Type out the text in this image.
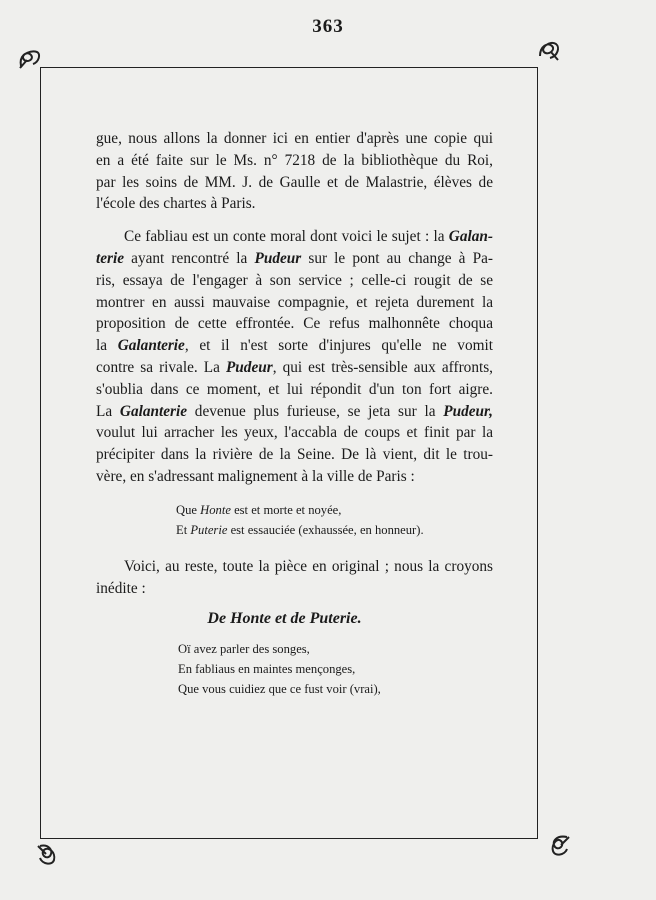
363
gue, nous allons la donner ici en entier d'après une copie qui
en a été faite sur le Ms. n° 7218 de la bibliothèque du Roi,
par les soins de MM. J. de Gaulle et de Malastrie, élèves de
l'école des chartes à Paris.
Ce fabliau est un conte moral dont voici le sujet : la Galan-
terie ayant rencontré la Pudeur sur le pont au change à Pa-
ris, essaya de l'engager à son service ; celle-ci rougit de se
montrer en aussi mauvaise compagnie, et rejeta durement la
proposition de cette effrontée. Ce refus malhonnête choqua
la Galanterie, et il n'est sorte d'injures qu'elle ne vomit
contre sa rivale. La Pudeur, qui est très-sensible aux affronts,
s'oublia dans ce moment, et lui répondit d'un ton fort aigre.
La Galanterie devenue plus furieuse, se jeta sur la Pudeur,
voulut lui arracher les yeux, l'accabla de coups et finit par la
précipiter dans la rivière de la Seine. De là vient, dit le trou-
vère, en s'adressant malignement à la ville de Paris :
Que Honte est et morte et noyée,
Et Puterie est essauciée (exhaussée, en honneur).
Voici, au reste, toute la pièce en original ; nous la croyons
inédite :
De Honte et de Puterie.
Oï avez parler des songes,
En fabliaus en maintes mençonges,
Que vous cuidiez que ce fust voir (vrai),
